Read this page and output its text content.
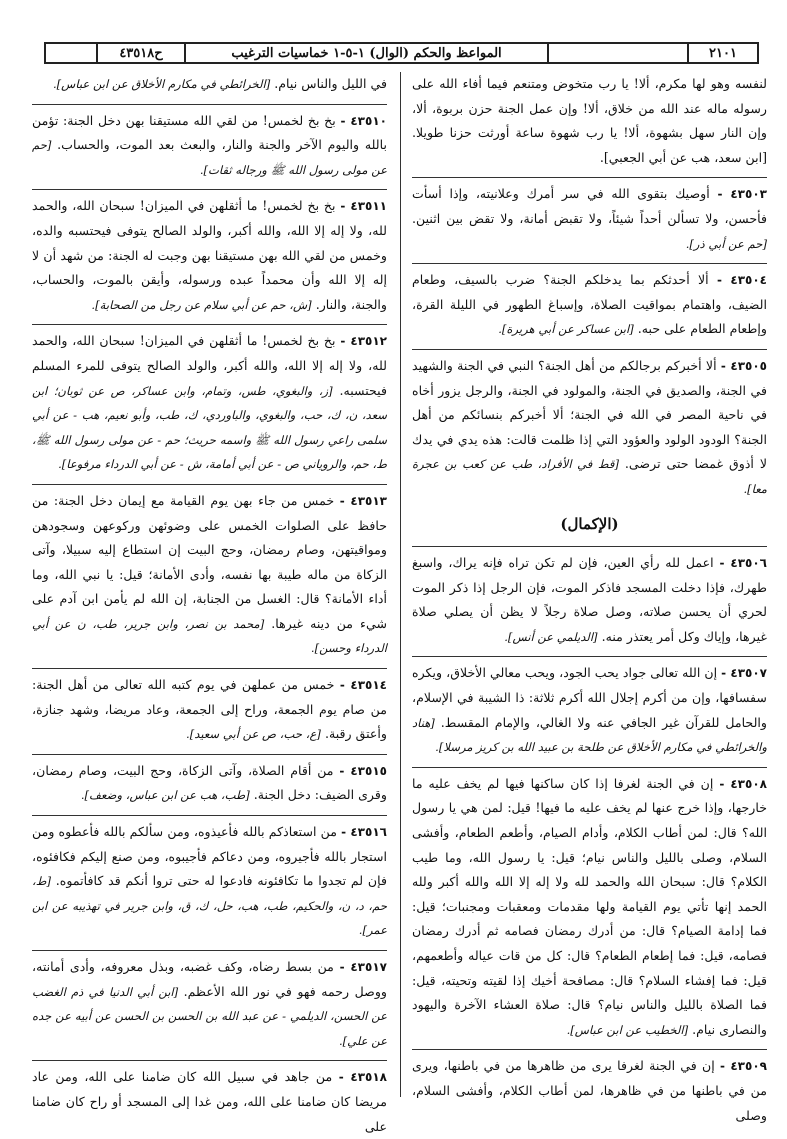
٢١٠١
المواعظ والحكم (الوال) ١-٥-١ خماسيات الترغيب
ح٤٣٥١٨

لنفسه وهو لها مكرم، ألا! يا رب متخوض ومتنعم فيما أفاء الله على رسوله ماله عند الله من خلاق، ألا! وإن عمل الجنة حزن بربوة، ألا، وإن النار سهل بشهوة، ألا! يا رب شهوة ساعة أورثت حزنا طويلا. [ابن سعد، هب عن أبي الجعبي].

٤٣٥٠٣ - أوصيك بتقوى الله في سر أمرك وعلانيته، وإذا أسأت فأحسن، ولا تسألن أحداً شيئاً، ولا تقبض أمانة، ولا تقض بين اثنين. [حم عن أبي ذر].

٤٣٥٠٤ - ألا أحدثكم بما يدخلكم الجنة؟ ضرب بالسيف، وطعام الضيف، واهتمام بمواقيت الصلاة، وإسباغ الطهور في الليلة القرة، وإطعام الطعام على حبه. [ابن عساكر عن أبي هريرة].

٤٣٥٠٥ - ألا أخبركم برجالكم من أهل الجنة؟ النبي في الجنة والشهيد في الجنة، والصديق في الجنة، والمولود في الجنة، والرجل يزور أخاه في ناحية المصر في الله في الجنة؛ ألا أخبركم بنسائكم من أهل الجنة؟ الودود الولود والعؤود التي إذا ظلمت قالت: هذه يدي في يدك لا أذوق غمضا حتى ترضى. [قط في الأفراد، طب عن كعب بن عجرة معا].

(الإكمال)

٤٣٥٠٦ - اعمل لله رأي العين، فإن لم تكن تراه فإنه يراك، واسبغ طهرك، فإذا دخلت المسجد فاذكر الموت، فإن الرجل إذا ذكر الموت لحري أن يحسن صلاته، وصل صلاة رجلاً لا يظن أن يصلي صلاة غيرها، وإياك وكل أمر يعتذر منه. [الديلمي عن أنس].

٤٣٥٠٧ - إن الله تعالى جواد يحب الجود، ويحب معالي الأخلاق، ويكره سفسافها، وإن من أكرم إجلال الله أكرم ثلاثة: ذا الشيبة في الإسلام، والحامل للقرآن غير الجافي عنه ولا الغالي، والإمام المقسط. [هناد والخرائطي في مكارم الأخلاق عن طلحة بن عبيد الله بن كريز مرسلا].

٤٣٥٠٨ - إن في الجنة لغرفا إذا كان ساكنها فيها لم يخف عليه ما خارجها، وإذا خرج عنها لم يخف عليه ما فيها! قيل: لمن هي يا رسول الله؟ قال: لمن أطاب الكلام، وأدام الصيام، وأطعم الطعام، وأفشى السلام، وصلى بالليل والناس نيام؛ قيل: يا رسول الله، وما طيب الكلام؟ قال: سبحان الله والحمد لله ولا إله إلا الله والله أكبر ولله الحمد إنها تأتي يوم القيامة ولها مقدمات ومعقبات ومجنبات؛ قيل: فما إدامة الصيام؟ قال: من أدرك رمضان فصامه ثم أدرك رمضان فصامه، قيل: فما إطعام الطعام؟ قال: كل من قات عياله وأطعمهم، قيل: فما إفشاء السلام؟ قال: مصافحة أخيك إذا لقيته وتحيته، قيل: فما الصلاة بالليل والناس نيام؟ قال: صلاة العشاء الآخرة واليهود والنصارى نيام. [الخطيب عن ابن عباس].

٤٣٥٠٩ - إن في الجنة لغرفا يرى من ظاهرها من في باطنها، ويرى من في باطنها من في ظاهرها، لمن أطاب الكلام، وأفشى السلام، وصلى

في الليل والناس نيام. [الخرائطي في مكارم الأخلاق عن ابن عباس].

٤٣٥١٠ - بخ بخ لخمس! من لقي الله مستيقنا بهن دخل الجنة: تؤمن بالله واليوم الآخر والجنة والنار، والبعث بعد الموت، والحساب. [حم عن مولى رسول الله ﷺ ورجاله ثقات].

٤٣٥١١ - بخ بخ لخمس! ما أثقلهن في الميزان! سبحان الله، والحمد لله، ولا إله إلا الله، والله أكبر، والولد الصالح يتوفى فيحتسبه والده، وخمس من لقي الله بهن مستيقنا بهن وجبت له الجنة: من شهد أن لا إله إلا الله وأن محمداً عبده ورسوله، وأيقن بالموت، والحساب، والجنة، والنار. [ش، حم عن أبي سلام عن رجل من الصحابة].

٤٣٥١٢ - بخ بخ لخمس! ما أثقلهن في الميزان! سبحان الله، والحمد لله، ولا إله إلا الله، والله أكبر، والولد الصالح يتوفى للمرء المسلم فيحتسبه. [ز، والبغوي، طس، وتمام، وابن عساكر، ص عن ثوبان؛ ابن سعد، ن، ك، حب، والبغوي، والباوردي، ك، طب، وأبو نعيم، هب - عن أبي سلمى راعي رسول الله ﷺ واسمه حريث؛ حم - عن مولى رسول الله ﷺ، ط، حم، والروياني ص - عن أبي أمامة، ش - عن أبي الدرداء مرفوعا].

٤٣٥١٣ - خمس من جاء بهن يوم القيامة مع إيمان دخل الجنة: من حافظ على الصلوات الخمس على وضوئهن وركوعهن وسجودهن ومواقيتهن، وصام رمضان، وحج البيت إن استطاع إليه سبيلا، وآتى الزكاة من ماله طيبة بها نفسه، وأدى الأمانة؛ قيل: يا نبي الله، وما أداء الأمانة؟ قال: الغسل من الجنابة، إن الله لم يأمن ابن آدم على شيء من دينه غيرها. [محمد بن نصر، وابن جرير، طب، ن عن أبي الدرداء وحسن].

٤٣٥١٤ - خمس من عملهن في يوم كتبه الله تعالى من أهل الجنة: من صام يوم الجمعة، وراح إلى الجمعة، وعاد مريضا، وشهد جنازة، وأعتق رقبة. [ع، حب، ص عن أبي سعيد].

٤٣٥١٥ - من أقام الصلاة، وآتى الزكاة، وحج البيت، وصام رمضان، وقرى الضيف: دخل الجنة. [طب، هب عن ابن عباس، وضعف].

٤٣٥١٦ - من استعاذكم بالله فأعيذوه، ومن سألكم بالله فأعطوه ومن استجار بالله فأجيروه، ومن دعاكم فأجيبوه، ومن صنع إليكم فكافئوه، فإن لم تجدوا ما تكافئونه فادعوا له حتى تروا أنكم قد كافأتموه. [ط، حم، د، ن، والحكيم، طب، هب، حل، ك، ق، وابن جرير في تهذيبه عن ابن عمر].

٤٣٥١٧ - من بسط رضاه، وكف غضبه، وبذل معروفه، وأدى أمانته، ووصل رحمه فهو في نور الله الأعظم. [ابن أبي الدنيا في ذم الغضب عن الحسن، الديلمي - عن عبد الله بن الحسن بن الحسن عن أبيه عن جده عن علي].

٤٣٥١٨ - من جاهد في سبيل الله كان ضامنا على الله، ومن عاد مريضا كان ضامنا على الله، ومن غدا إلى المسجد أو راح كان ضامنا على
